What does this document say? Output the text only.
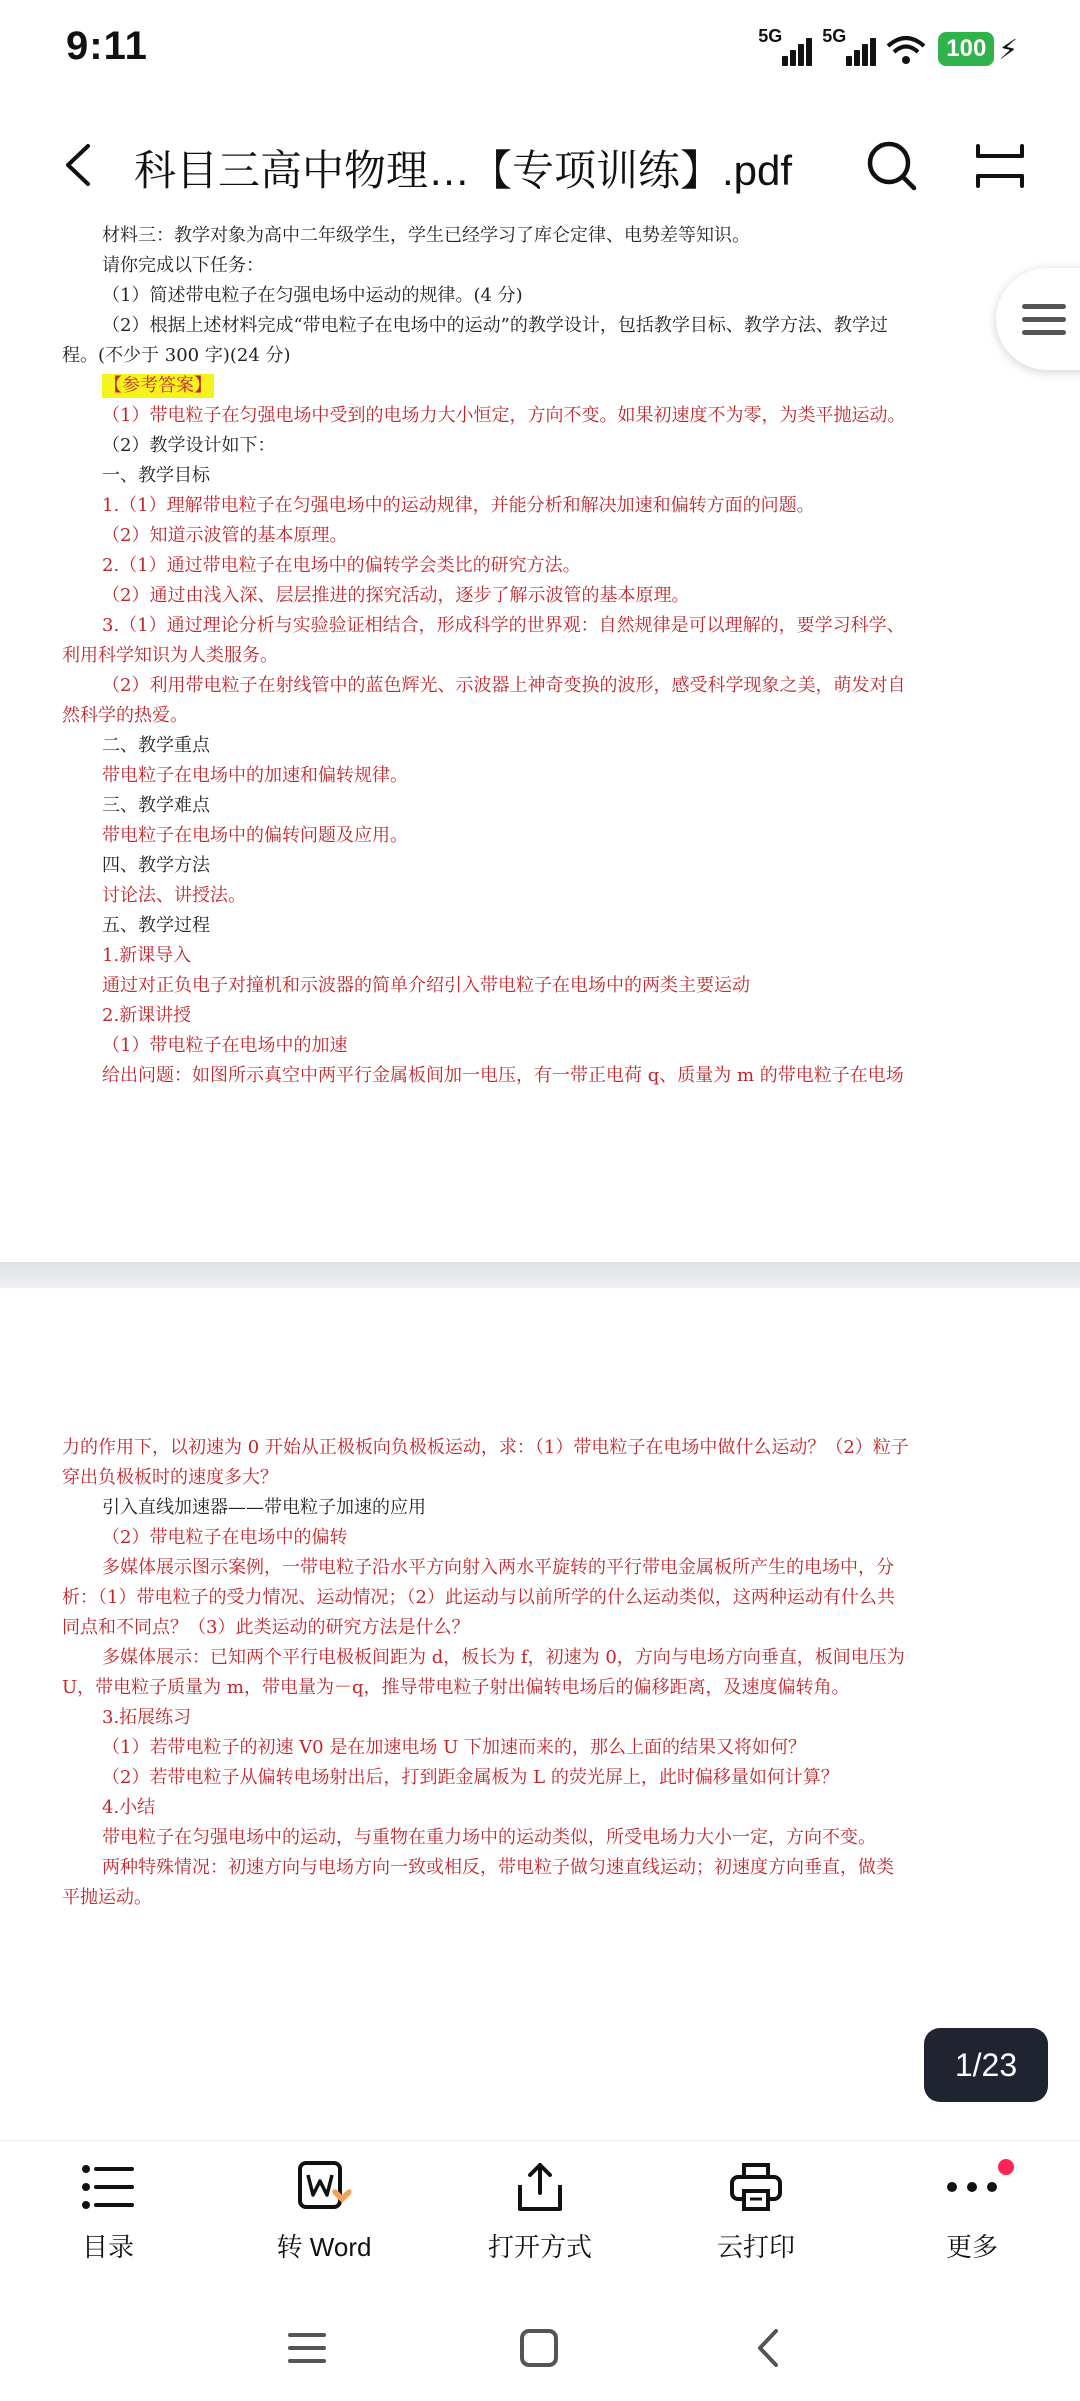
9:11	5G 5G	100 ⚡
科目三高中物理…【专项训练】.pdf
【参考答案】
材料三：教学对象为高中二年级学生，学生已经学习了库仑定律、电势差等知识。
请你完成以下任务：
（1）简述带电粒子在匀强电场中运动的规律。(4 分)
（2）根据上述材料完成“带电粒子在电场中的运动”的教学设计，包括教学目标、教学方法、教学过
程。(不少于 300 字)(24 分)
（1）带电粒子在匀强电场中受到的电场力大小恒定，方向不变。如果初速度不为零，为类平抛运动。
（2）教学设计如下：
一、教学目标
1.（1）理解带电粒子在匀强电场中的运动规律，并能分析和解决加速和偏转方面的问题。
（2）知道示波管的基本原理。
2.（1）通过带电粒子在电场中的偏转学会类比的研究方法。
（2）通过由浅入深、层层推进的探究活动，逐步了解示波管的基本原理。
3.（1）通过理论分析与实验验证相结合，形成科学的世界观：自然规律是可以理解的，要学习科学、
利用科学知识为人类服务。
（2）利用带电粒子在射线管中的蓝色辉光、示波器上神奇变换的波形，感受科学现象之美，萌发对自
然科学的热爱。
二、教学重点
带电粒子在电场中的加速和偏转规律。
三、教学难点
带电粒子在电场中的偏转问题及应用。
四、教学方法
讨论法、讲授法。
五、教学过程
1.新课导入
通过对正负电子对撞机和示波器的简单介绍引入带电粒子在电场中的两类主要运动
2.新课讲授
（1）带电粒子在电场中的加速
给出问题：如图所示真空中两平行金属板间加一电压，有一带正电荷 q、质量为 m 的带电粒子在电场
力的作用下，以初速为 0 开始从正极板向负极板运动，求：（1）带电粒子在电场中做什么运动？（2）粒子
穿出负极板时的速度多大？
引入直线加速器——带电粒子加速的应用
（2）带电粒子在电场中的偏转
多媒体展示图示案例，一带电粒子沿水平方向射入两水平旋转的平行带电金属板所产生的电场中，分
析：（1）带电粒子的受力情况、运动情况；（2）此运动与以前所学的什么运动类似，这两种运动有什么共
同点和不同点？（3）此类运动的研究方法是什么？
多媒体展示：已知两个平行电极板间距为 d，板长为 f，初速为 0，方向与电场方向垂直，板间电压为
U，带电粒子质量为 m，带电量为－q，推导带电粒子射出偏转电场后的偏移距离，及速度偏转角。
3.拓展练习
（1）若带电粒子的初速 V0 是在加速电场 U 下加速而来的，那么上面的结果又将如何？
（2）若带电粒子从偏转电场射出后，打到距金属板为 L 的荧光屏上，此时偏移量如何计算？
4.小结
带电粒子在匀强电场中的运动，与重物在重力场中的运动类似，所受电场力大小一定，方向不变。
两种特殊情况：初速方向与电场方向一致或相反，带电粒子做匀速直线运动；初速度方向垂直，做类
平抛运动。
1/23
目录	转 Word	打开方式	云打印	更多
